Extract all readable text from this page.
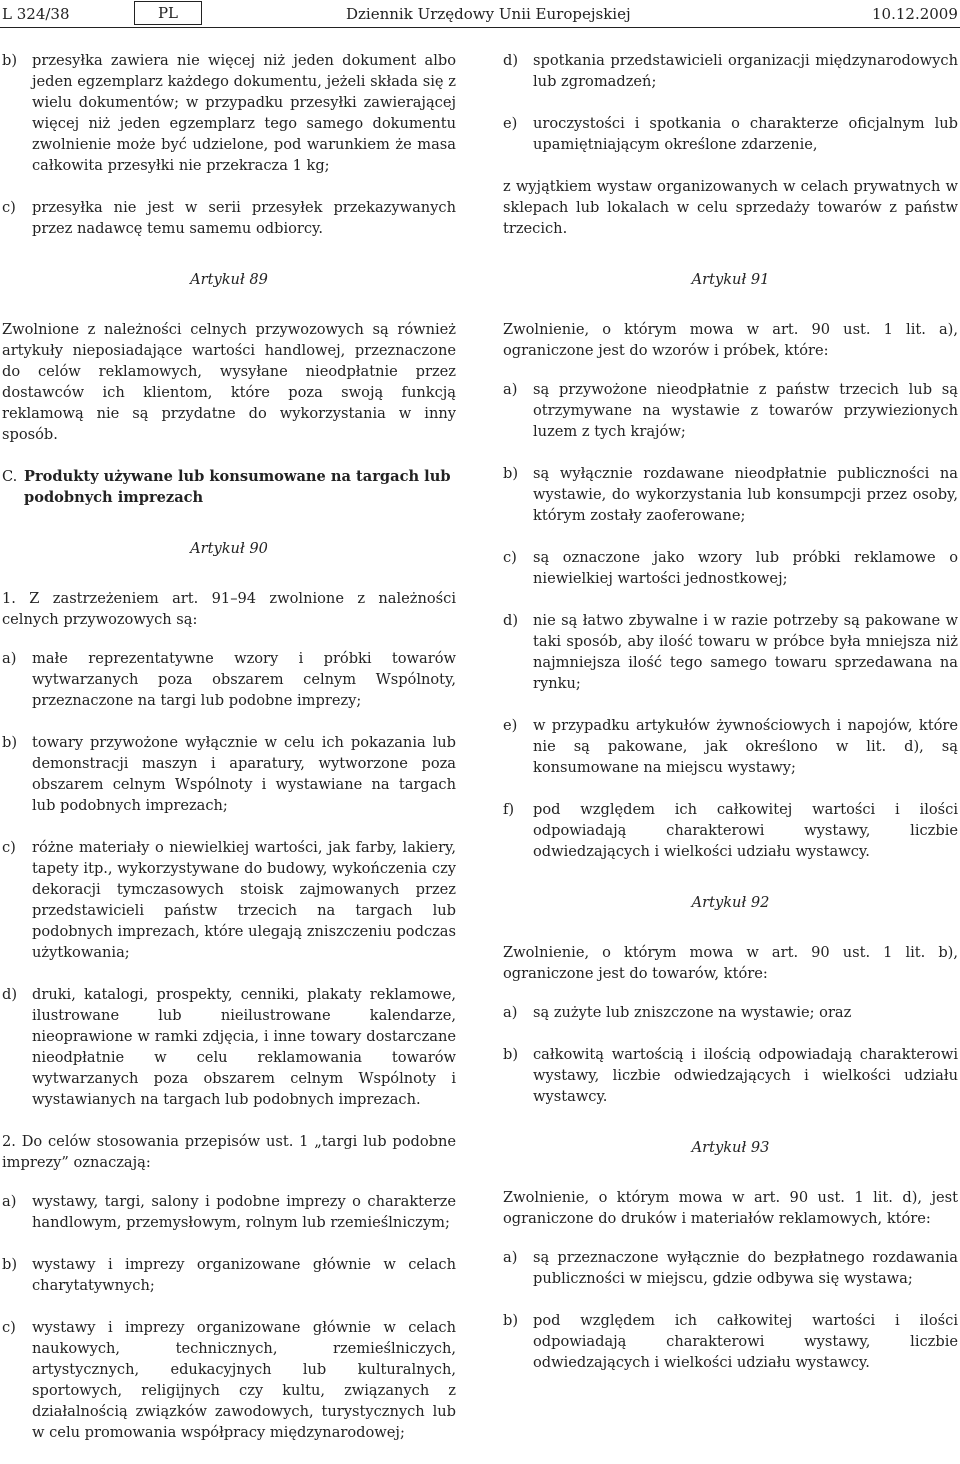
L 324/38	PL	Dziennik Urzędowy Unii Europejskiej	10.12.2009
b)	przesyłka zawiera nie więcej niż jeden dokument albo jeden egzemplarz każdego dokumentu, jeżeli składa się z wielu dokumentów; w przypadku przesyłki zawierającej więcej niż jeden egzemplarz tego samego dokumentu zwolnienie może być udzielone, pod warunkiem że masa całkowita przesyłki nie przekracza 1 kg;
c)	przesyłka nie jest w serii przesyłek przekazywanych przez nadawcę temu samemu odbiorcy.
Artykuł 89

Zwolnione z należności celnych przywozowych są również artykuły nieposiadające wartości handlowej, przeznaczone do celów reklamowych, wysyłane nieodpłatnie przez dostawców ich klientom, które poza swoją funkcją reklamową nie są przydatne do wykorzystania w inny sposób.

C. Produkty używane lub konsumowane na targach lub podobnych imprezach
Artykuł 90

1. Z zastrzeżeniem art. 91–94 zwolnione z należności celnych przywozowych są:

a)	małe reprezentatywne wzory i próbki towarów wytwarzanych poza obszarem celnym Wspólnoty, przeznaczone na targi lub podobne imprezy;
b)	towary przywożone wyłącznie w celu ich pokazania lub demonstracji maszyn i aparatury, wytworzone poza obszarem celnym Wspólnoty i wystawiane na targach lub podobnych imprezach;
c)	różne materiały o niewielkiej wartości, jak farby, lakiery, tapety itp., wykorzystywane do budowy, wykończenia czy dekoracji tymczasowych stoisk zajmowanych przez przedstawicieli państw trzecich na targach lub podobnych imprezach, które ulegają zniszczeniu podczas użytkowania;
d)	druki, katalogi, prospekty, cenniki, plakaty reklamowe, ilustrowane lub nieilustrowane kalendarze, nieoprawione w ramki zdjęcia, i inne towary dostarczane nieodpłatnie w celu reklamowania towarów wytwarzanych poza obszarem celnym Wspólnoty i wystawianych na targach lub podobnych imprezach.

2. Do celów stosowania przepisów ust. 1 „targi lub podobne imprezy” oznaczają:

a)	wystawy, targi, salony i podobne imprezy o charakterze handlowym, przemysłowym, rolnym lub rzemieślniczym;
b)	wystawy i imprezy organizowane głównie w celach charytatywnych;
c)	wystawy i imprezy organizowane głównie w celach naukowych, technicznych, rzemieślniczych, artystycznych, edukacyjnych lub kulturalnych, sportowych, religijnych czy kultu, związanych z działalnością związków zawodowych, turystycznych lub w celu promowania współpracy międzynarodowej;
d)	spotkania przedstawicieli organizacji międzynarodowych lub zgromadzeń;
e)	uroczystości i spotkania o charakterze oficjalnym lub upamiętniającym określone zdarzenie,

z wyjątkiem wystaw organizowanych w celach prywatnych w sklepach lub lokalach w celu sprzedaży towarów z państw trzecich.

Artykuł 91

Zwolnienie, o którym mowa w art. 90 ust. 1 lit. a), ograniczone jest do wzorów i próbek, które:

a)	są przywożone nieodpłatnie z państw trzecich lub są otrzymywane na wystawie z towarów przywiezionych luzem z tych krajów;
b)	są wyłącznie rozdawane nieodpłatnie publiczności na wystawie, do wykorzystania lub konsumpcji przez osoby, którym zostały zaoferowane;
c)	są oznaczone jako wzory lub próbki reklamowe o niewielkiej wartości jednostkowej;
d)	nie są łatwo zbywalne i w razie potrzeby są pakowane w taki sposób, aby ilość towaru w próbce była mniejsza niż najmniejsza ilość tego samego towaru sprzedawana na rynku;
e)	w przypadku artykułów żywnościowych i napojów, które nie są pakowane, jak określono w lit. d), są konsumowane na miejscu wystawy;
f)	pod względem ich całkowitej wartości i ilości odpowiadają charakterowi wystawy, liczbie odwiedzających i wielkości udziału wystawcy.
Artykuł 92

Zwolnienie, o którym mowa w art. 90 ust. 1 lit. b), ograniczone jest do towarów, które:

a)	są zużyte lub zniszczone na wystawie; oraz
b)	całkowitą wartością i ilością odpowiadają charakterowi wystawy, liczbie odwiedzających i wielkości udziału wystawcy.
Artykuł 93

Zwolnienie, o którym mowa w art. 90 ust. 1 lit. d), jest ograniczone do druków i materiałów reklamowych, które:

a)	są przeznaczone wyłącznie do bezpłatnego rozdawania publiczności w miejscu, gdzie odbywa się wystawa;
b)	pod względem ich całkowitej wartości i ilości odpowiadają charakterowi wystawy, liczbie odwiedzających i wielkości udziału wystawcy.
